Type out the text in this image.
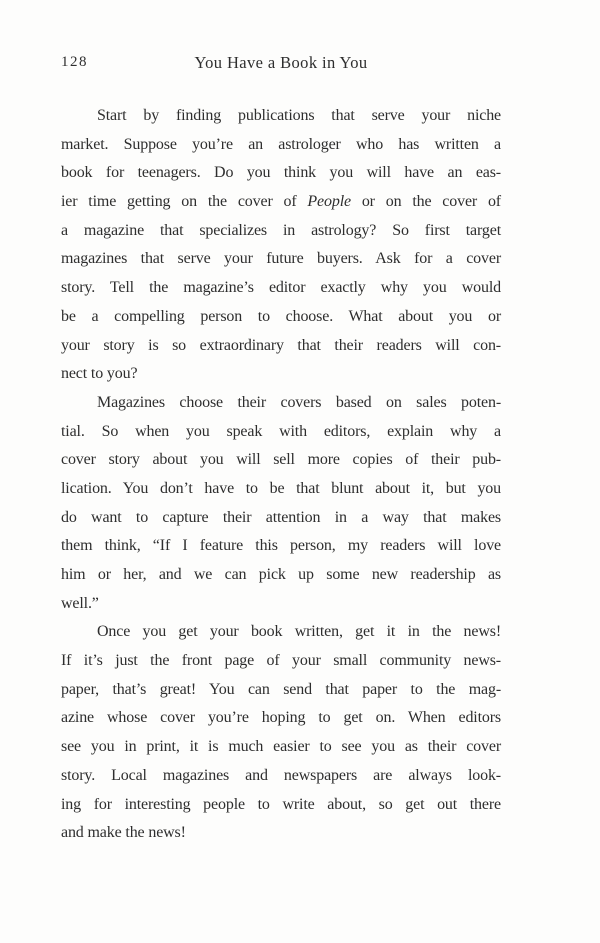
128	You Have a Book in You
Start by finding publications that serve your niche
market. Suppose you’re an astrologer who has written a
book for teenagers. Do you think you will have an eas-
ier time getting on the cover of People or on the cover of
a magazine that specializes in astrology? So first target
magazines that serve your future buyers. Ask for a cover
story. Tell the magazine’s editor exactly why you would
be a compelling person to choose. What about you or
your story is so extraordinary that their readers will con-
nect to you?
Magazines choose their covers based on sales poten-
tial. So when you speak with editors, explain why a
cover story about you will sell more copies of their pub-
lication. You don’t have to be that blunt about it, but you
do want to capture their attention in a way that makes
them think, “If I feature this person, my readers will love
him or her, and we can pick up some new readership as
well.”
Once you get your book written, get it in the news!
If it’s just the front page of your small community news-
paper, that’s great! You can send that paper to the mag-
azine whose cover you’re hoping to get on. When editors
see you in print, it is much easier to see you as their cover
story. Local magazines and newspapers are always look-
ing for interesting people to write about, so get out there
and make the news!
